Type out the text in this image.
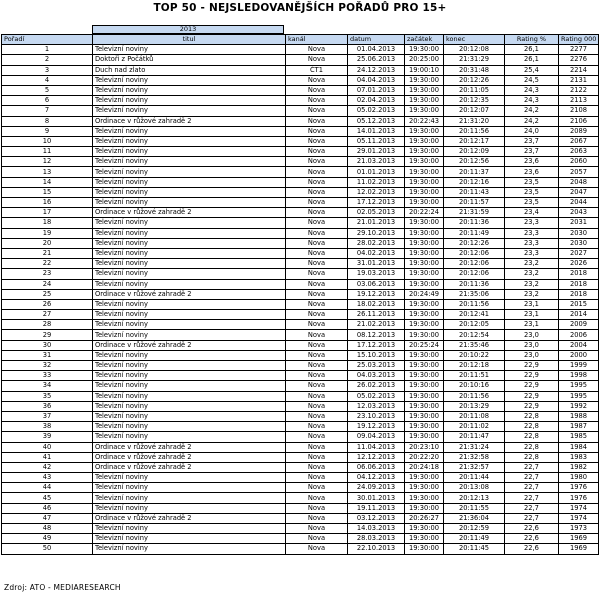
TOP 50 - NEJSLEDOVANĚJŠÍCH POŘADŮ PRO 15+
2013
Pořadí	titul	kanál	datum	začátek	konec	Rating %	Rating 000
1	Televizní noviny	Nova	01.04.2013	19:30:00	20:12:08	26,1	2277
2	Doktoři z Počátků	Nova	25.06.2013	20:25:00	21:31:29	26,1	2276
3	Duch nad zlato	ČT1	24.12.2013	19:00:10	20:31:48	25,4	2214
4	Televizní noviny	Nova	04.04.2013	19:30:00	20:12:26	24,5	2131
5	Televizní noviny	Nova	07.01.2013	19:30:00	20:11:05	24,3	2122
6	Televizní noviny	Nova	02.04.2013	19:30:00	20:12:35	24,3	2113
7	Televizní noviny	Nova	05.02.2013	19:30:00	20:12:07	24,2	2108
8	Ordinace v růžové zahradě 2	Nova	05.12.2013	20:22:43	21:31:20	24,2	2106
9	Televizní noviny	Nova	14.01.2013	19:30:00	20:11:56	24,0	2089
10	Televizní noviny	Nova	05.11.2013	19:30:00	20:12:17	23,7	2067
11	Televizní noviny	Nova	29.01.2013	19:30:00	20:12:09	23,7	2063
12	Televizní noviny	Nova	21.03.2013	19:30:00	20:12:56	23,6	2060
13	Televizní noviny	Nova	01.01.2013	19:30:00	20:11:37	23,6	2057
14	Televizní noviny	Nova	11.02.2013	19:30:00	20:12:16	23,5	2048
15	Televizní noviny	Nova	12.02.2013	19:30:00	20:11:43	23,5	2047
16	Televizní noviny	Nova	17.12.2013	19:30:00	20:11:57	23,5	2044
17	Ordinace v růžové zahradě 2	Nova	02.05.2013	20:22:24	21:31:59	23,4	2043
18	Televizní noviny	Nova	21.01.2013	19:30:00	20:11:36	23,3	2031
19	Televizní noviny	Nova	29.10.2013	19:30:00	20:11:49	23,3	2030
20	Televizní noviny	Nova	28.02.2013	19:30:00	20:12:26	23,3	2030
21	Televizní noviny	Nova	04.02.2013	19:30:00	20:12:06	23,3	2027
22	Televizní noviny	Nova	31.01.2013	19:30:00	20:12:06	23,2	2026
23	Televizní noviny	Nova	19.03.2013	19:30:00	20:12:06	23,2	2018
24	Televizní noviny	Nova	03.06.2013	19:30:00	20:11:36	23,2	2018
25	Ordinace v růžové zahradě 2	Nova	19.12.2013	20:24:49	21:35:06	23,2	2018
26	Televizní noviny	Nova	18.02.2013	19:30:00	20:11:56	23,1	2015
27	Televizní noviny	Nova	26.11.2013	19:30:00	20:12:41	23,1	2014
28	Televizní noviny	Nova	21.02.2013	19:30:00	20:12:05	23,1	2009
29	Televizní noviny	Nova	08.12.2013	19:30:00	20:12:54	23,0	2006
30	Ordinace v růžové zahradě 2	Nova	17.12.2013	20:25:24	21:35:46	23,0	2004
31	Televizní noviny	Nova	15.10.2013	19:30:00	20:10:22	23,0	2000
32	Televizní noviny	Nova	25.03.2013	19:30:00	20:12:18	22,9	1999
33	Televizní noviny	Nova	04.03.2013	19:30:00	20:11:51	22,9	1998
34	Televizní noviny	Nova	26.02.2013	19:30:00	20:10:16	22,9	1995
35	Televizní noviny	Nova	05.02.2013	19:30:00	20:11:56	22,9	1995
36	Televizní noviny	Nova	12.03.2013	19:30:00	20:13:29	22,9	1992
37	Televizní noviny	Nova	23.10.2013	19:30:00	20:11:08	22,8	1988
38	Televizní noviny	Nova	19.12.2013	19:30:00	20:11:02	22,8	1987
39	Televizní noviny	Nova	09.04.2013	19:30:00	20:11:47	22,8	1985
40	Ordinace v růžové zahradě 2	Nova	11.04.2013	20:23:10	21:31:24	22,8	1984
41	Ordinace v růžové zahradě 2	Nova	12.12.2013	20:22:20	21:32:58	22,8	1983
42	Ordinace v růžové zahradě 2	Nova	06.06.2013	20:24:18	21:32:57	22,7	1982
43	Televizní noviny	Nova	04.12.2013	19:30:00	20:11:44	22,7	1980
44	Televizní noviny	Nova	24.09.2013	19:30:00	20:13:08	22,7	1976
45	Televizní noviny	Nova	30.01.2013	19:30:00	20:12:13	22,7	1976
46	Televizní noviny	Nova	19.11.2013	19:30:00	20:11:55	22,7	1974
47	Ordinace v růžové zahradě 2	Nova	03.12.2013	20:26:27	21:36:04	22,7	1974
48	Televizní noviny	Nova	14.03.2013	19:30:00	20:12:59	22,6	1973
49	Televizní noviny	Nova	28.03.2013	19:30:00	20:11:49	22,6	1969
50	Televizní noviny	Nova	22.10.2013	19:30:00	20:11:45	22,6	1969
Zdroj: ATO - MEDIARESEARCH
